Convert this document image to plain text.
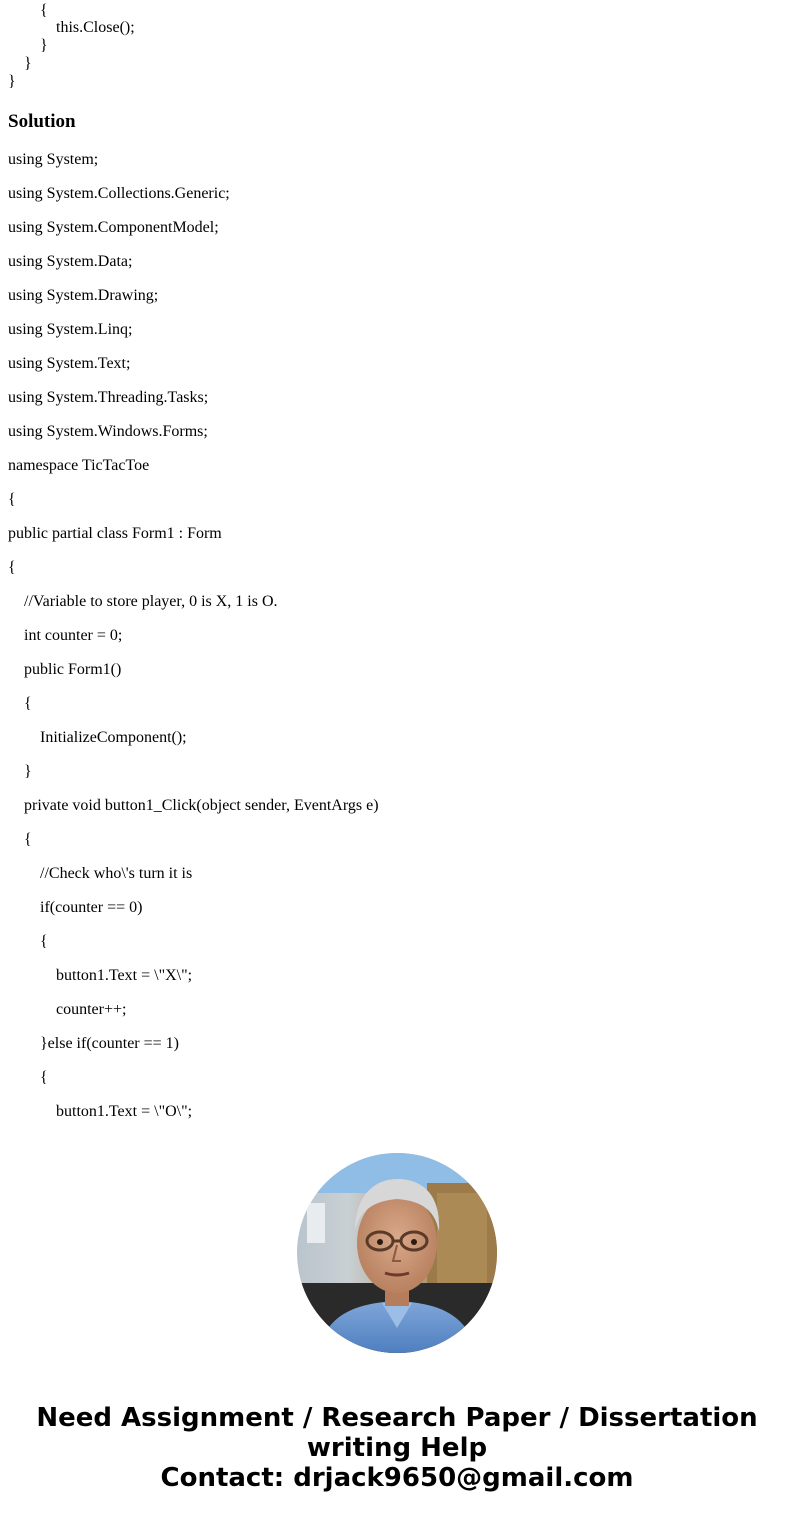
{
this.Close();
}
}
}
Solution

using System;

using System.Collections.Generic;

using System.ComponentModel;

using System.Data;

using System.Drawing;

using System.Linq;

using System.Text;

using System.Threading.Tasks;

using System.Windows.Forms;

namespace TicTacToe

{

public partial class Form1 : Form

{

//Variable to store player, 0 is X, 1 is O.

int counter = 0;

public Form1()

{

InitializeComponent();

}

private void button1_Click(object sender, EventArgs e)

{

//Check who\'s turn it is

if(counter == 0)

{

button1.Text = \"X\";

counter++;

}else if(counter == 1)

{

button1.Text = \"O\";

Need Assignment / Research Paper / Dissertation
writing Help
Contact: drjack9650@gmail.com
